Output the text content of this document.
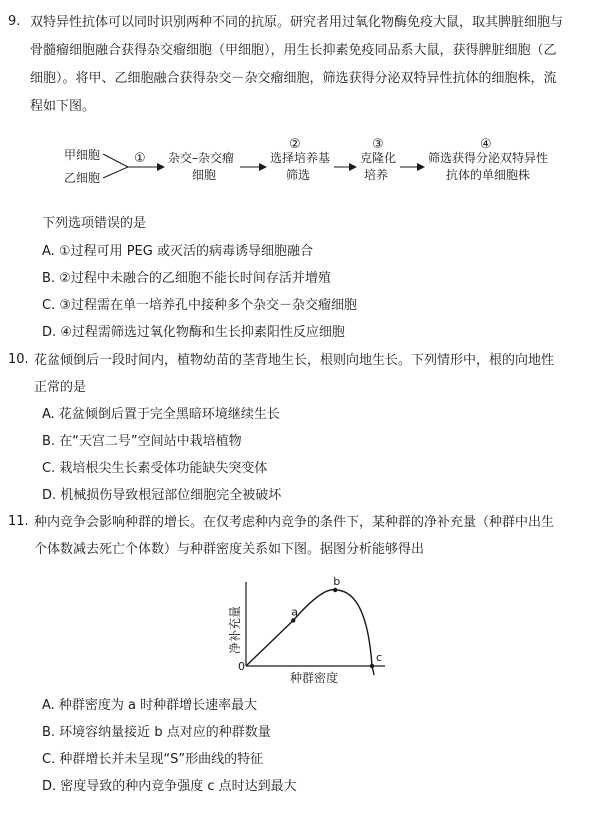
9. 双特异性抗体可以同时识别两种不同的抗原。研究者用过氧化物酶免疫大鼠，取其脾脏细胞与
骨髓瘤细胞融合获得杂交瘤细胞（甲细胞），用生长抑素免疫同品系大鼠，获得脾脏细胞（乙
细胞）。将甲、乙细胞融合获得杂交－杂交瘤细胞，筛选获得分泌双特异性抗体的细胞株，流
程如下图。
甲细胞
乙细胞
① 杂交–杂交瘤
细胞
②
选择培养基
筛选
③
克隆化
培养
④
筛选获得分泌双特异性
抗体的单细胞株
下列选项错误的是
A. ①过程可用 PEG 或灭活的病毒诱导细胞融合
B. ②过程中未融合的乙细胞不能长时间存活并增殖
C. ③过程需在单一培养孔中接种多个杂交－杂交瘤细胞
D. ④过程需筛选过氧化物酶和生长抑素阳性反应细胞
10. 花盆倾倒后一段时间内，植物幼苗的茎背地生长，根则向地生长。下列情形中，根的向地性
正常的是
A. 花盆倾倒后置于完全黑暗环境继续生长
B. 在“天宫二号”空间站中栽培植物
C. 栽培根尖生长素受体功能缺失突变体
D. 机械损伤导致根冠部位细胞完全被破坏
11. 种内竞争会影响种群的增长。在仅考虑种内竞争的条件下，某种群的净补充量（种群中出生
个体数减去死亡个体数）与种群密度关系如下图。据图分析能够得出
0
种群密度
净补充量	a
b
c
A. 种群密度为 a 时种群增长速率最大
B. 环境容纳量接近 b 点对应的种群数量
C. 种群增长并未呈现“S”形曲线的特征
D. 密度导致的种内竞争强度 c 点时达到最大
